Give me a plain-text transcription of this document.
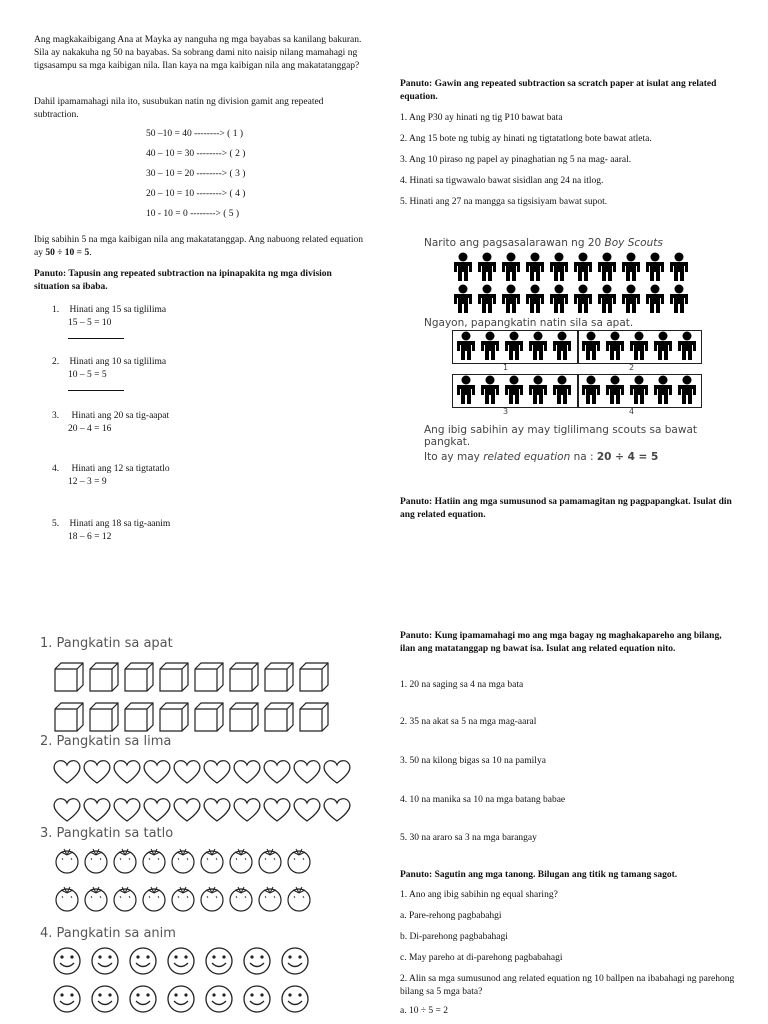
Ang magkakaibigang Ana at Mayka ay nanguha ng mga bayabas sa kanilang bakuran. Sila ay nakakuha ng 50 na bayabas. Sa sobrang dami nito naisip nilang mamahagi ng tigsasampu sa mga kaibigan nila. Ilan kaya na mga kaibigan nila ang makatatanggap?

Dahil ipamamahagi nila ito, susubukan natin ng division gamit ang repeated subtraction.

50 –10 = 40 --------> ( 1 )

40 – 10 = 30 --------> ( 2 )

30 – 10 = 20 --------> ( 3 )

20 – 10 = 10 --------> ( 4 )

10 - 10 = 0 --------> ( 5 )

Ibig sabihin 5 na mga kaibigan nila ang makatatanggap. Ang nabuong related equation ay 50 ÷ 10 = 5.

Panuto: Tapusin ang repeated subtraction na ipinapakita ng mga division situation sa ibaba.

1. Hinati ang 15 sa tiglilima

15 – 5 = 10

2. Hinati ang 10 sa tiglilima

10 – 5 = 5

3. Hinati ang 20 sa tig-aapat

20 – 4 = 16

4. Hinati ang 12 sa tigtatatlo

12 – 3 = 9

5. Hinati ang 18 sa tig-aanim

18 – 6 = 12

1. Pangkatin sa apat
2. Pangkatin sa lima
3. Pangkatin sa tatlo
4. Pangkatin sa anim

Panuto: Gawin ang repeated subtraction sa scratch paper at isulat ang related equation.

1. Ang P30 ay hinati ng tig P10 bawat bata

2. Ang 15 bote ng tubig ay hinati ng tigtatatlong bote bawat atleta.

3. Ang 10 piraso ng papel ay pinaghatian ng 5 na mag- aaral.

4. Hinati sa tigwawalo bawat sisidlan ang 24 na itlog.

5. Hinati ang 27 na mangga sa tigsisiyam bawat supot.

Narito ang pagsasalarawan ng 20 Boy Scouts
Ngayon, papangkatin natin sila sa apat.
1	2
3	4
Ang ibig sabihin ay may tiglilimang scouts sa bawat pangkat.
Ito ay may related equation na : 20 ÷ 4 = 5

Panuto: Hatiin ang mga sumusunod sa pamamagitan ng pagpapangkat. Isulat din ang related equation.

Panuto: Kung ipamamahagi mo ang mga bagay ng maghakapareho ang bilang, ilan ang matatanggap ng bawat isa. Isulat ang related equation nito.

1. 20 na saging sa 4 na mga bata
2. 35 na akat sa 5 na mga mag-aaral
3. 50 na kilong bigas sa 10 na pamilya
4. 10 na manika sa 10 na mga batang babae
5. 30 na araro sa 3 na mga barangay

Panuto: Sagutin ang mga tanong. Bilugan ang titik ng tamang sagot.

1. Ano ang ibig sabihin ng equal sharing?

a. Pare-rehong pagbabahgi

b. Di-parehong pagbabahagi

c. May pareho at di-parehong pagbabahagi

2. Alin sa mga sumusunod ang related equation ng 10 ballpen na ibabahagi ng parehong bilang sa 5 mga bata?

a. 10 ÷ 5 = 2
